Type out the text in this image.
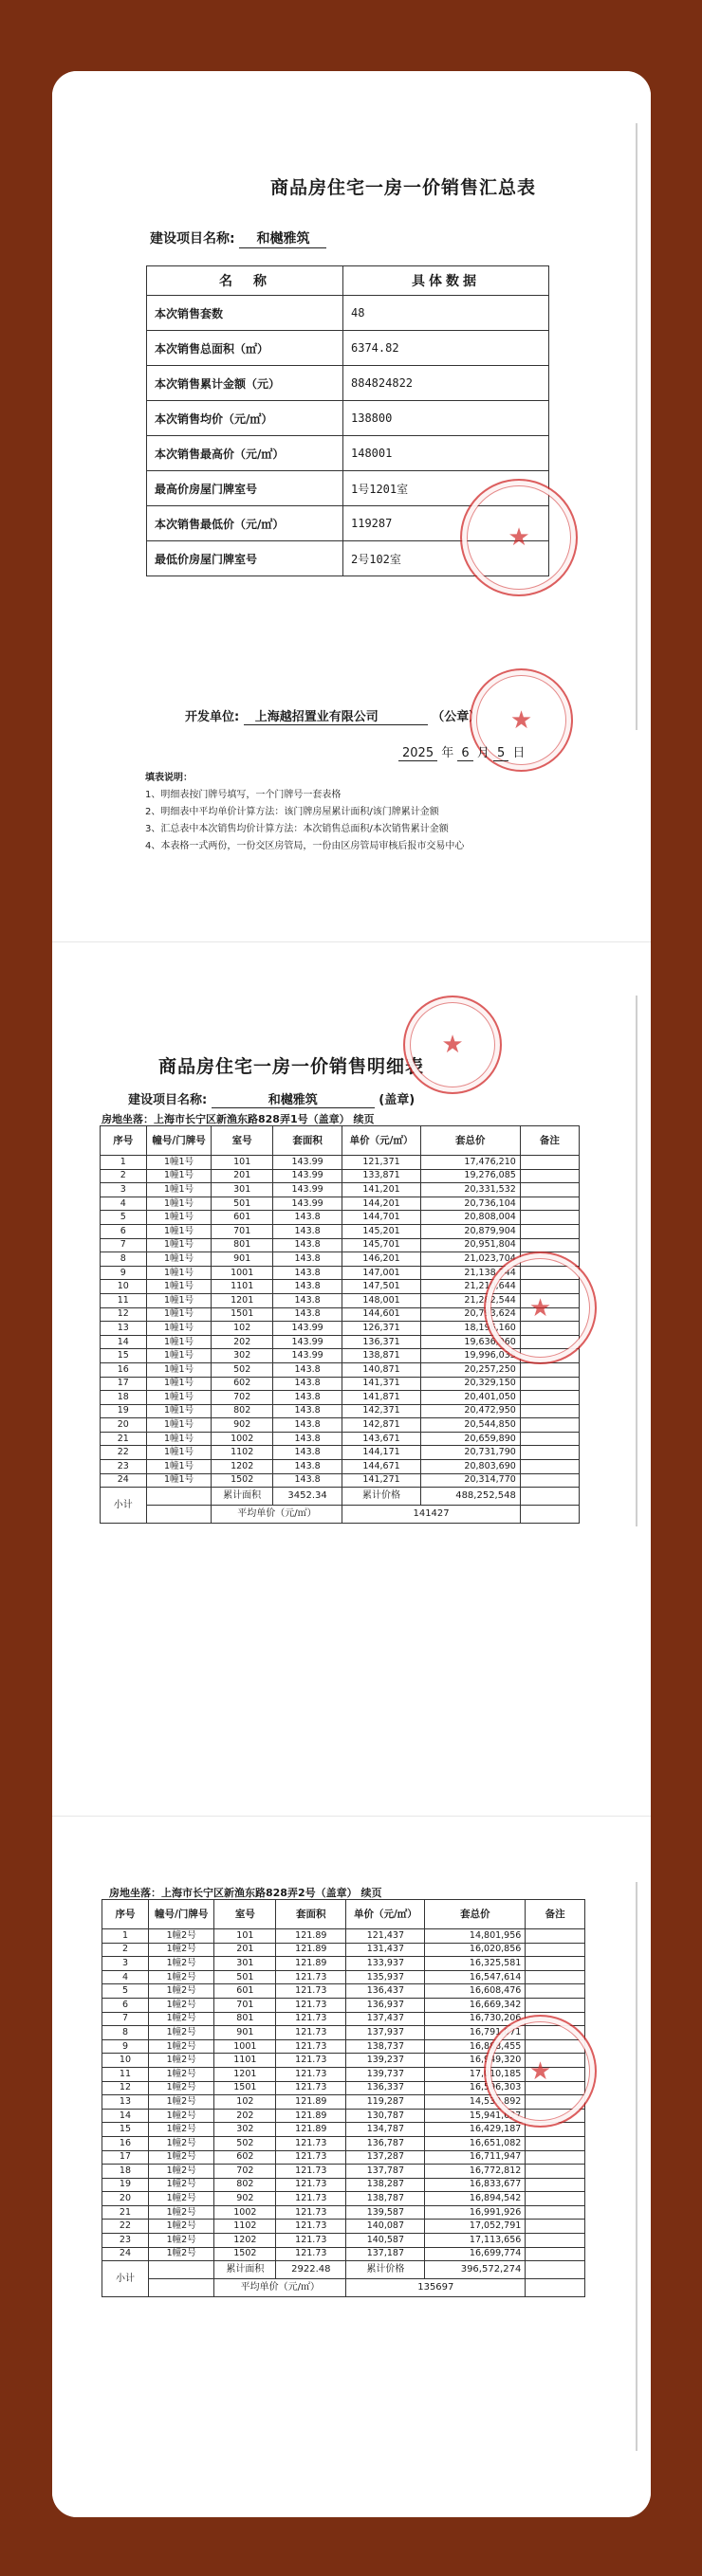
商品房住宅一房一价销售汇总表
建设项目名称: 和樾雅筑
名　称	具体数据
本次销售套数	48
本次销售总面积（㎡）	6374.82
本次销售累计金额（元）	884824822
本次销售均价（元/㎡）	138800
本次销售最高价（元/㎡）	148001
最高价房屋门牌室号	1号1201室
本次销售最低价（元/㎡）	119287
最低价房屋门牌室号	2号102室
★
开发单位: 上海越招置业有限公司	（公章）
★
2025 年 6 月 5 日
填表说明：
1、明细表按门牌号填写，一个门牌号一套表格
2、明细表中平均单价计算方法：该门牌房屋累计面积/该门牌累计金额
3、汇总表中本次销售均价计算方法：本次销售总面积/本次销售累计金额
4、本表格一式两份，一份交区房管局，一份由区房管局审核后报市交易中心
商品房住宅一房一价销售明细表
建设项目名称:	和樾雅筑	(盖章)
★
房地坐落：上海市长宁区新渔东路828弄1号（盖章） 续页
序号	幢号/门牌号	室号	套面积	单价（元/㎡）	套总价	备注
1	1幢1号	101	143.99	121,371	17,476,210	
2	1幢1号	201	143.99	133,871	19,276,085	
3	1幢1号	301	143.99	141,201	20,331,532	
4	1幢1号	501	143.99	144,201	20,736,104	
5	1幢1号	601	143.8	144,701	20,808,004	
6	1幢1号	701	143.8	145,201	20,879,904	
7	1幢1号	801	143.8	145,701	20,951,804	
8	1幢1号	901	143.8	146,201	21,023,704	
9	1幢1号	1001	143.8	147,001	21,138,744	
10	1幢1号	1101	143.8	147,501	21,210,644	
11	1幢1号	1201	143.8	148,001	21,282,544	
12	1幢1号	1501	143.8	144,601	20,793,624	
13	1幢1号	102	143.99	126,371	18,196,160	
14	1幢1号	202	143.99	136,371	19,636,060	
15	1幢1号	302	143.99	138,871	19,996,035	
16	1幢1号	502	143.8	140,871	20,257,250	
17	1幢1号	602	143.8	141,371	20,329,150	
18	1幢1号	702	143.8	141,871	20,401,050	
19	1幢1号	802	143.8	142,371	20,472,950	
20	1幢1号	902	143.8	142,871	20,544,850	
21	1幢1号	1002	143.8	143,671	20,659,890	
22	1幢1号	1102	143.8	144,171	20,731,790	
23	1幢1号	1202	143.8	144,671	20,803,690	
24	1幢1号	1502	143.8	141,271	20,314,770	
小计		累计面积	3452.34	累计价格	488,252,548	
		平均单价（元/㎡）		141427		
★
房地坐落：上海市长宁区新渔东路828弄2号（盖章） 续页
序号	幢号/门牌号	室号	套面积	单价（元/㎡）	套总价	备注
1	1幢2号	101	121.89	121,437	14,801,956	
2	1幢2号	201	121.89	131,437	16,020,856	
3	1幢2号	301	121.89	133,937	16,325,581	
4	1幢2号	501	121.73	135,937	16,547,614	
5	1幢2号	601	121.73	136,437	16,608,476	
6	1幢2号	701	121.73	136,937	16,669,342	
7	1幢2号	801	121.73	137,437	16,730,206	
8	1幢2号	901	121.73	137,937	16,791,071	
9	1幢2号	1001	121.73	138,737	16,888,455	
10	1幢2号	1101	121.73	139,237	16,949,320	
11	1幢2号	1201	121.73	139,737	17,010,185	
12	1幢2号	1501	121.73	136,337	16,596,303	
13	1幢2号	102	121.89	119,287	14,539,892	
14	1幢2号	202	121.89	130,787	15,941,627	
15	1幢2号	302	121.89	134,787	16,429,187	
16	1幢2号	502	121.73	136,787	16,651,082	
17	1幢2号	602	121.73	137,287	16,711,947	
18	1幢2号	702	121.73	137,787	16,772,812	
19	1幢2号	802	121.73	138,287	16,833,677	
20	1幢2号	902	121.73	138,787	16,894,542	
21	1幢2号	1002	121.73	139,587	16,991,926	
22	1幢2号	1102	121.73	140,087	17,052,791	
23	1幢2号	1202	121.73	140,587	17,113,656	
24	1幢2号	1502	121.73	137,187	16,699,774	
小计		累计面积	2922.48	累计价格	396,572,274	
		平均单价（元/㎡）		135697		
★
